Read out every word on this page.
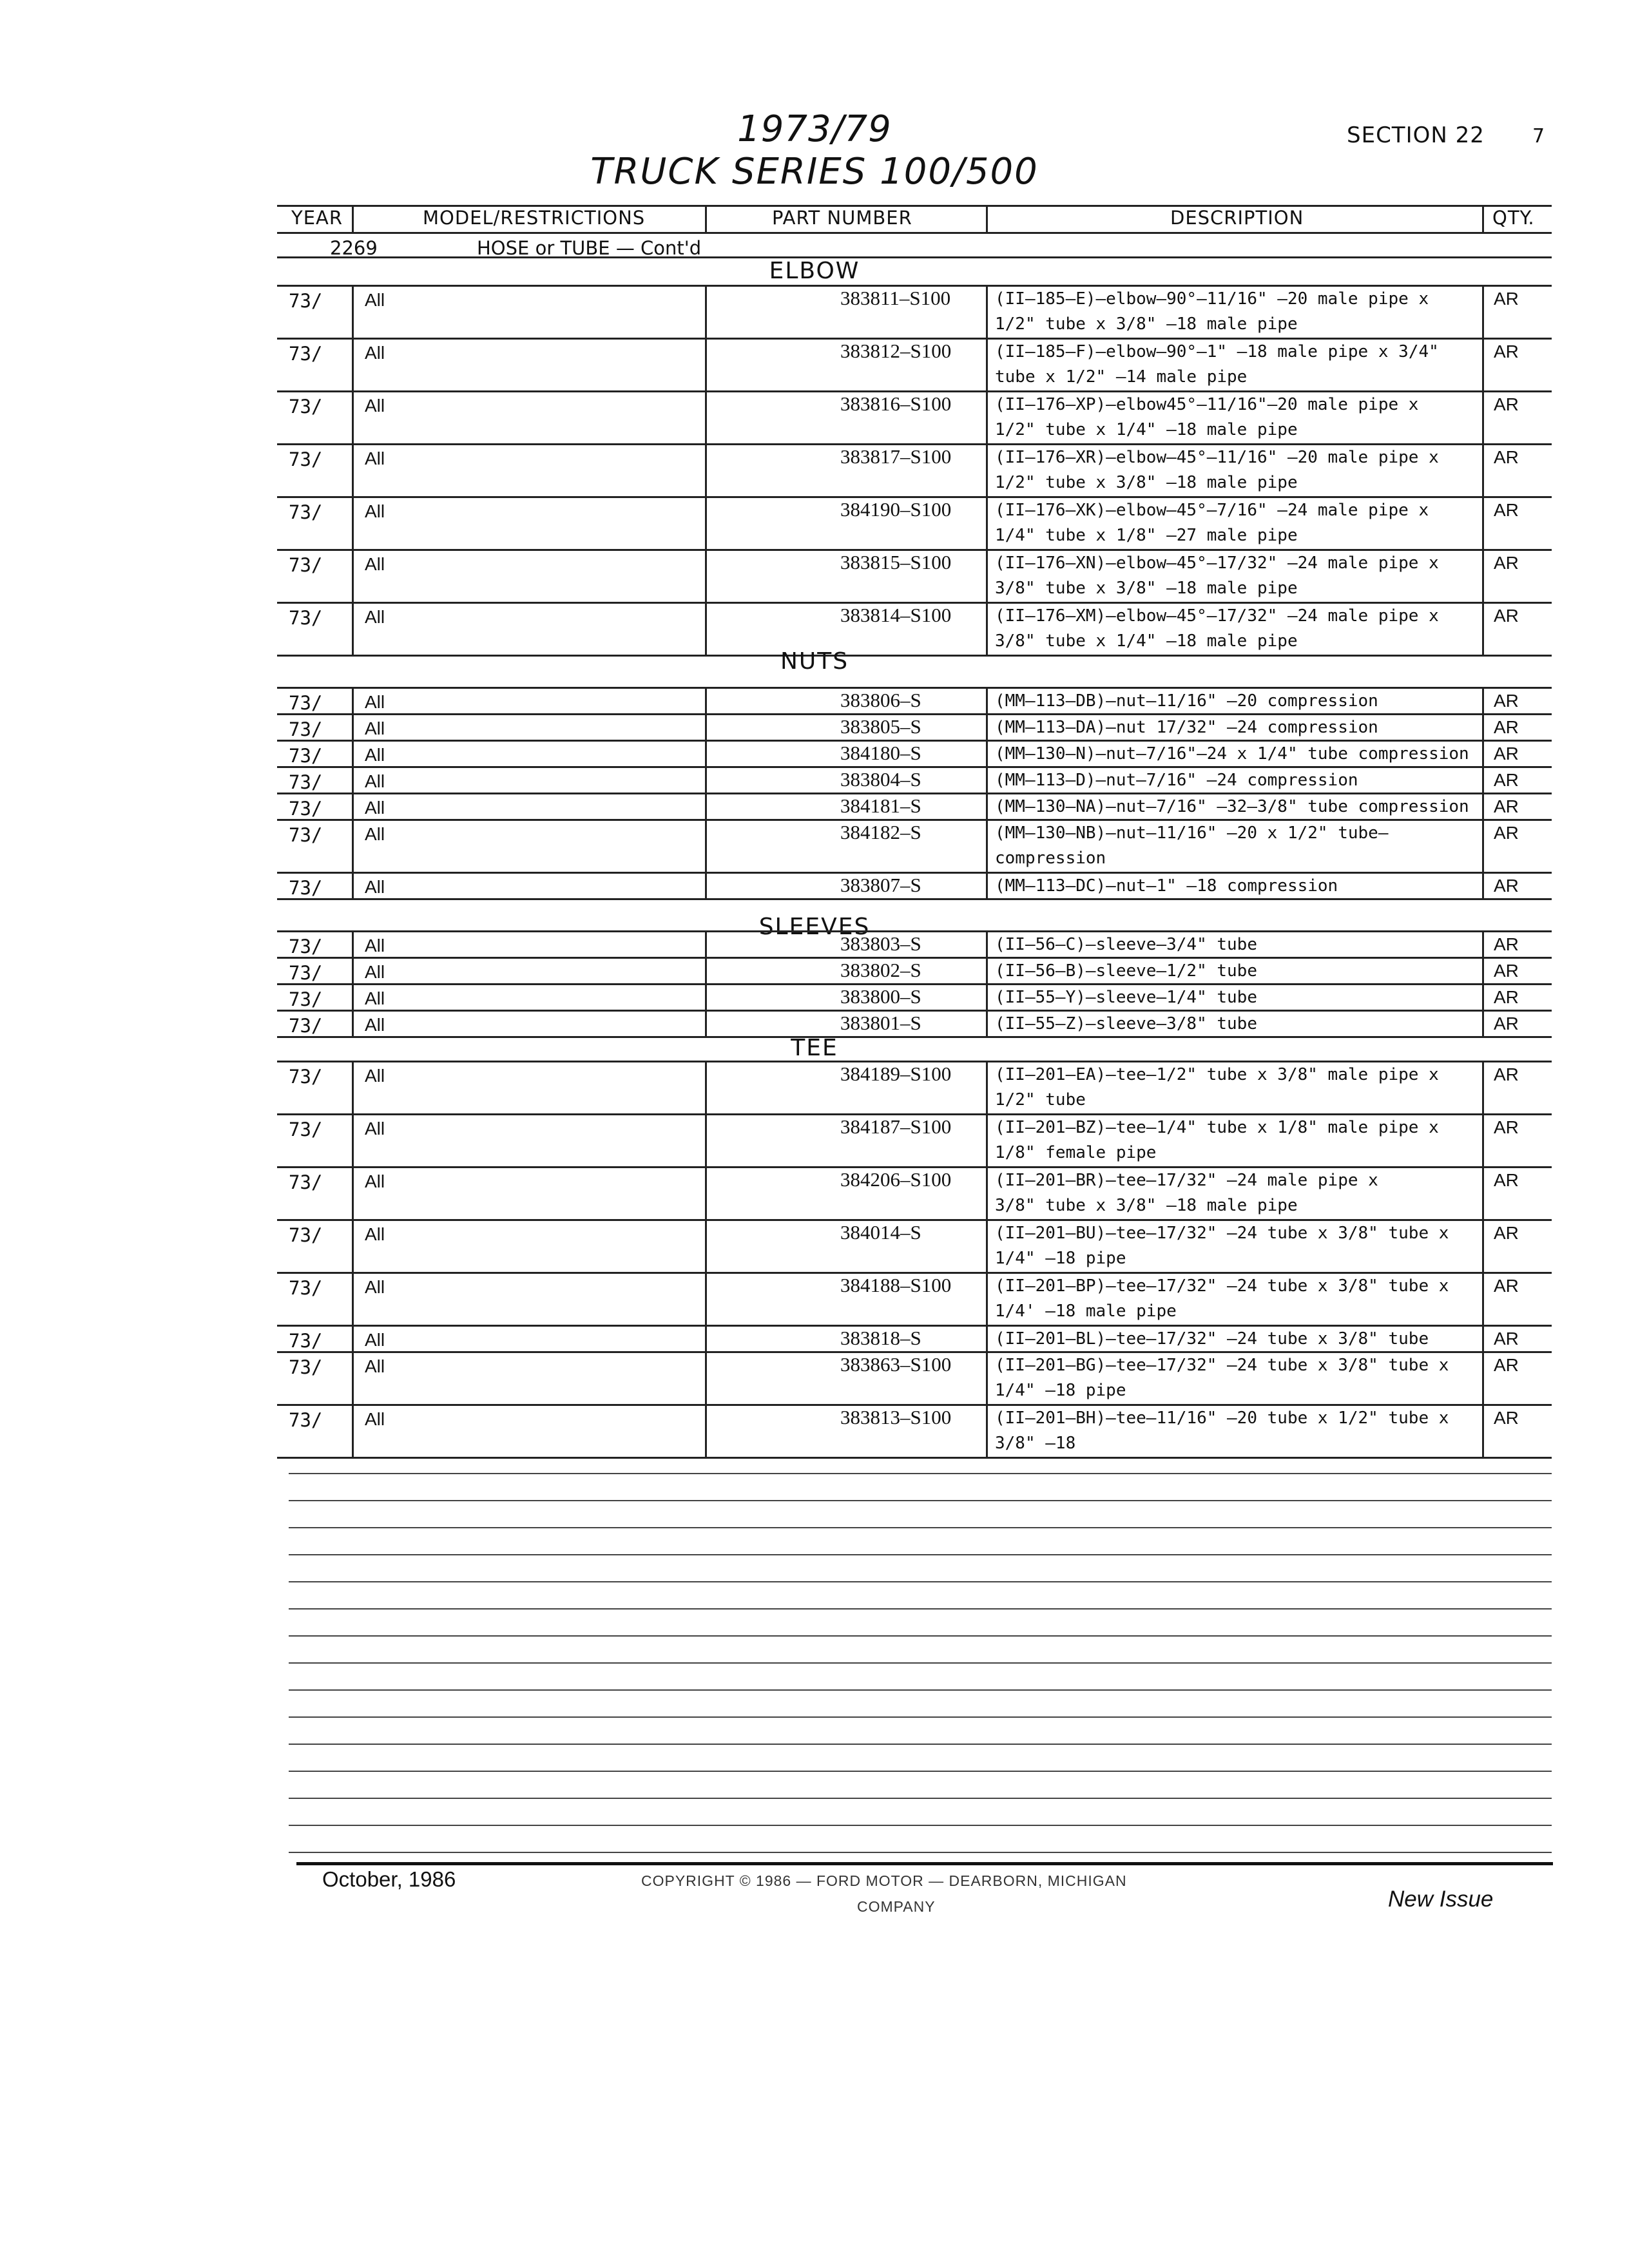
1973/79
TRUCK SERIES 100/500
SECTION 22 7
YEAR	MODEL/RESTRICTIONS	PART NUMBER	DESCRIPTION	QTY.
2269	HOSE or TUBE — Cont'd
ELBOW
73/ All	383811–S100	(II–185–E)–elbow–90°–11/16" –20 male pipe x
1/2" tube x 3/8" –18 male pipe
AR
73/ All	383812–S100	(II–185–F)–elbow–90°–1" –18 male pipe x 3/4"
tube x 1/2" –14 male pipe
AR
73/ All	383816–S100	(II–176–XP)–elbow45°–11/16"–20 male pipe x
1/2" tube x 1/4" –18 male pipe
AR
73/ All	383817–S100	(II–176–XR)–elbow–45°–11/16" –20 male pipe x
1/2" tube x 3/8" –18 male pipe
AR
73/ All	384190–S100	(II–176–XK)–elbow–45°–7/16" –24 male pipe x
1/4" tube x 1/8" –27 male pipe
AR
73/ All	383815–S100	(II–176–XN)–elbow–45°–17/32" –24 male pipe x
3/8" tube x 3/8" –18 male pipe
AR
73/ All	383814–S100	(II–176–XM)–elbow–45°–17/32" –24 male pipe x
3/8" tube x 1/4" –18 male pipe
AR
NUTS
73/ All	383806–S	(MM–113–DB)–nut–11/16" –20 compression	AR
73/ All	383805–S	(MM–113–DA)–nut 17/32" –24 compression	AR
73/ All	384180–S	(MM–130–N)–nut–7/16"–24 x 1/4" tube compression AR
73/ All	383804–S	(MM–113–D)–nut–7/16" –24 compression	AR
73/ All	384181–S	(MM–130–NA)–nut–7/16" –32–3/8" tube compression AR
73/ All	384182–S	(MM–130–NB)–nut–11/16" –20 x 1/2" tube–
compression
AR
73/ All	383807–S	(MM–113–DC)–nut–1" –18 compression	AR
SLEEVES
73/ All	383803–S	(II–56–C)–sleeve–3/4" tube	AR
73/ All	383802–S	(II–56–B)–sleeve–1/2" tube	AR
73/ All	383800–S	(II–55–Y)–sleeve–1/4" tube	AR
73/ All	383801–S	(II–55–Z)–sleeve–3/8" tube	AR
TEE
73/ All	384189–S100	(II–201–EA)–tee–1/2" tube x 3/8" male pipe x
1/2" tube
AR
73/ All	384187–S100	(II–201–BZ)–tee–1/4" tube x 1/8" male pipe x
1/8" female pipe
AR
73/ All	384206–S100	(II–201–BR)–tee–17/32" –24 male pipe x
3/8" tube x 3/8" –18 male pipe
AR
73/ All	384014–S	(II–201–BU)–tee–17/32" –24 tube x 3/8" tube x
1/4" –18 pipe
AR
73/ All	384188–S100	(II–201–BP)–tee–17/32" –24 tube x 3/8" tube x
1/4' –18 male pipe
AR
73/ All	383818–S	(II–201–BL)–tee–17/32" –24 tube x 3/8" tube	AR
73/ All	383863–S100	(II–201–BG)–tee–17/32" –24 tube x 3/8" tube x
1/4" –18 pipe
AR
73/ All	383813–S100	(II–201–BH)–tee–11/16" –20 tube x 1/2" tube x
3/8" –18
AR
October, 1986	COPYRIGHT © 1986 — FORD MOTOR — DEARBORN, MICHIGAN
COMPANY	New Issue
